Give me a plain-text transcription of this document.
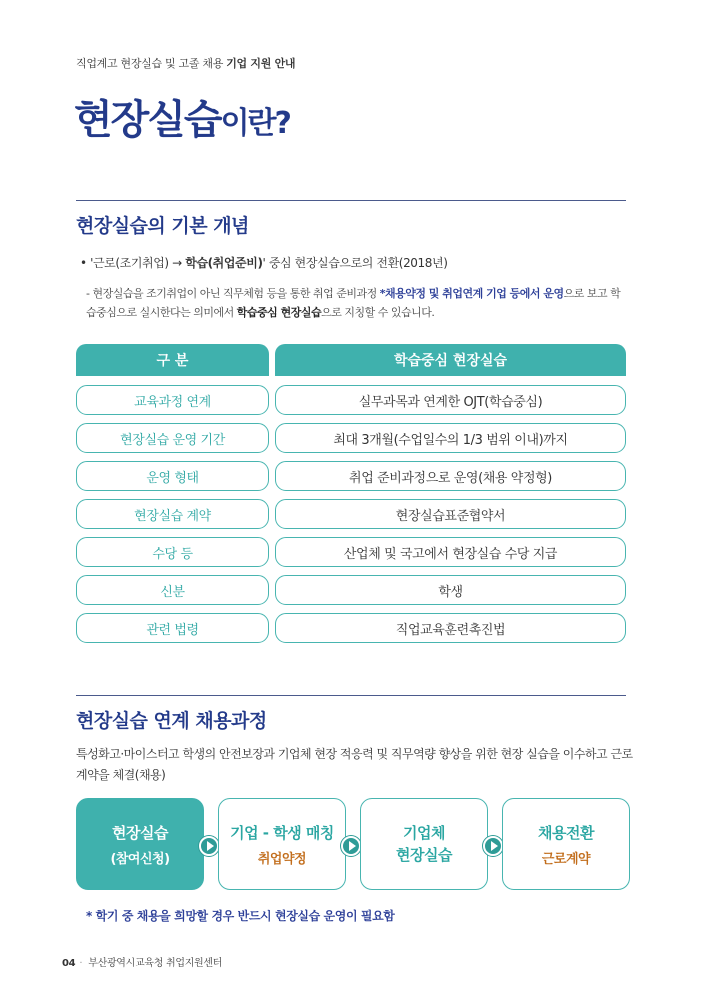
직업계고 현장실습 및 고졸 채용 기업 지원 안내
현장실습이란?
현장실습의 기본 개념
• '근로(조기취업) → 학습(취업준비)' 중심 현장실습으로의 전환(2018년)
- 현장실습을 조기취업이 아닌 직무체험 등을 통한 취업 준비과정 *채용약정 및 취업연계 기업 등에서 운영으로 보고 학습중심으로 실시한다는 의미에서 학습중심 현장실습으로 지칭할 수 있습니다.
구 분	학습중심 현장실습
교육과정 연계	실무과목과 연계한 OJT(학습중심)
현장실습 운영 기간	최대 3개월(수업일수의 1/3 범위 이내)까지
운영 형태	취업 준비과정으로 운영(채용 약정형)
현장실습 계약	현장실습표준협약서
수당 등	산업체 및 국고에서 현장실습 수당 지급
신분	학생
관련 법령	직업교육훈련촉진법
현장실습 연계 채용과정
특성화고·마이스터고 학생의 안전보장과 기업체 현장 적응력 및 직무역량 향상을 위한 현장 실습을 이수하고 근로계약을 체결(채용)
현장실습
(참여신청)
기업 - 학생 매칭
취업약정
기업체
현장실습
채용전환
근로계약
* 학기 중 채용을 희망할 경우 반드시 현장실습 운영이 필요함
04 · 부산광역시교육청 취업지원센터
